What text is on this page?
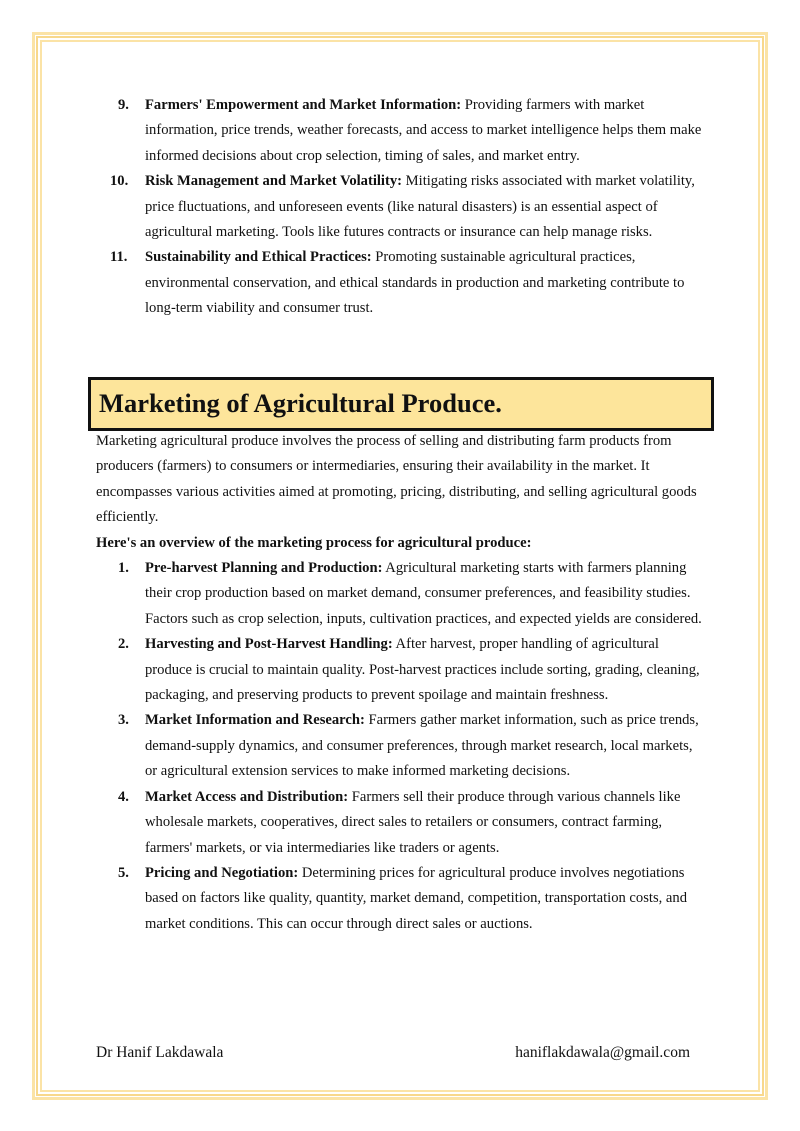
9. Farmers' Empowerment and Market Information: Providing farmers with market information, price trends, weather forecasts, and access to market intelligence helps them make informed decisions about crop selection, timing of sales, and market entry.
10. Risk Management and Market Volatility: Mitigating risks associated with market volatility, price fluctuations, and unforeseen events (like natural disasters) is an essential aspect of agricultural marketing. Tools like futures contracts or insurance can help manage risks.
11. Sustainability and Ethical Practices: Promoting sustainable agricultural practices, environmental conservation, and ethical standards in production and marketing contribute to long-term viability and consumer trust.
Marketing of Agricultural Produce.

Marketing agricultural produce involves the process of selling and distributing farm products from producers (farmers) to consumers or intermediaries, ensuring their availability in the market. It encompasses various activities aimed at promoting, pricing, distributing, and selling agricultural goods efficiently.

Here's an overview of the marketing process for agricultural produce:

1. Pre-harvest Planning and Production: Agricultural marketing starts with farmers planning their crop production based on market demand, consumer preferences, and feasibility studies. Factors such as crop selection, inputs, cultivation practices, and expected yields are considered.
2. Harvesting and Post-Harvest Handling: After harvest, proper handling of agricultural produce is crucial to maintain quality. Post-harvest practices include sorting, grading, cleaning, packaging, and preserving products to prevent spoilage and maintain freshness.
3. Market Information and Research: Farmers gather market information, such as price trends, demand-supply dynamics, and consumer preferences, through market research, local markets, or agricultural extension services to make informed marketing decisions.
4. Market Access and Distribution: Farmers sell their produce through various channels like wholesale markets, cooperatives, direct sales to retailers or consumers, contract farming, farmers' markets, or via intermediaries like traders or agents.
5. Pricing and Negotiation: Determining prices for agricultural produce involves negotiations based on factors like quality, quantity, market demand, competition, transportation costs, and market conditions. This can occur through direct sales or auctions.
Dr Hanif Lakdawala	haniflakdawala@gmail.com
